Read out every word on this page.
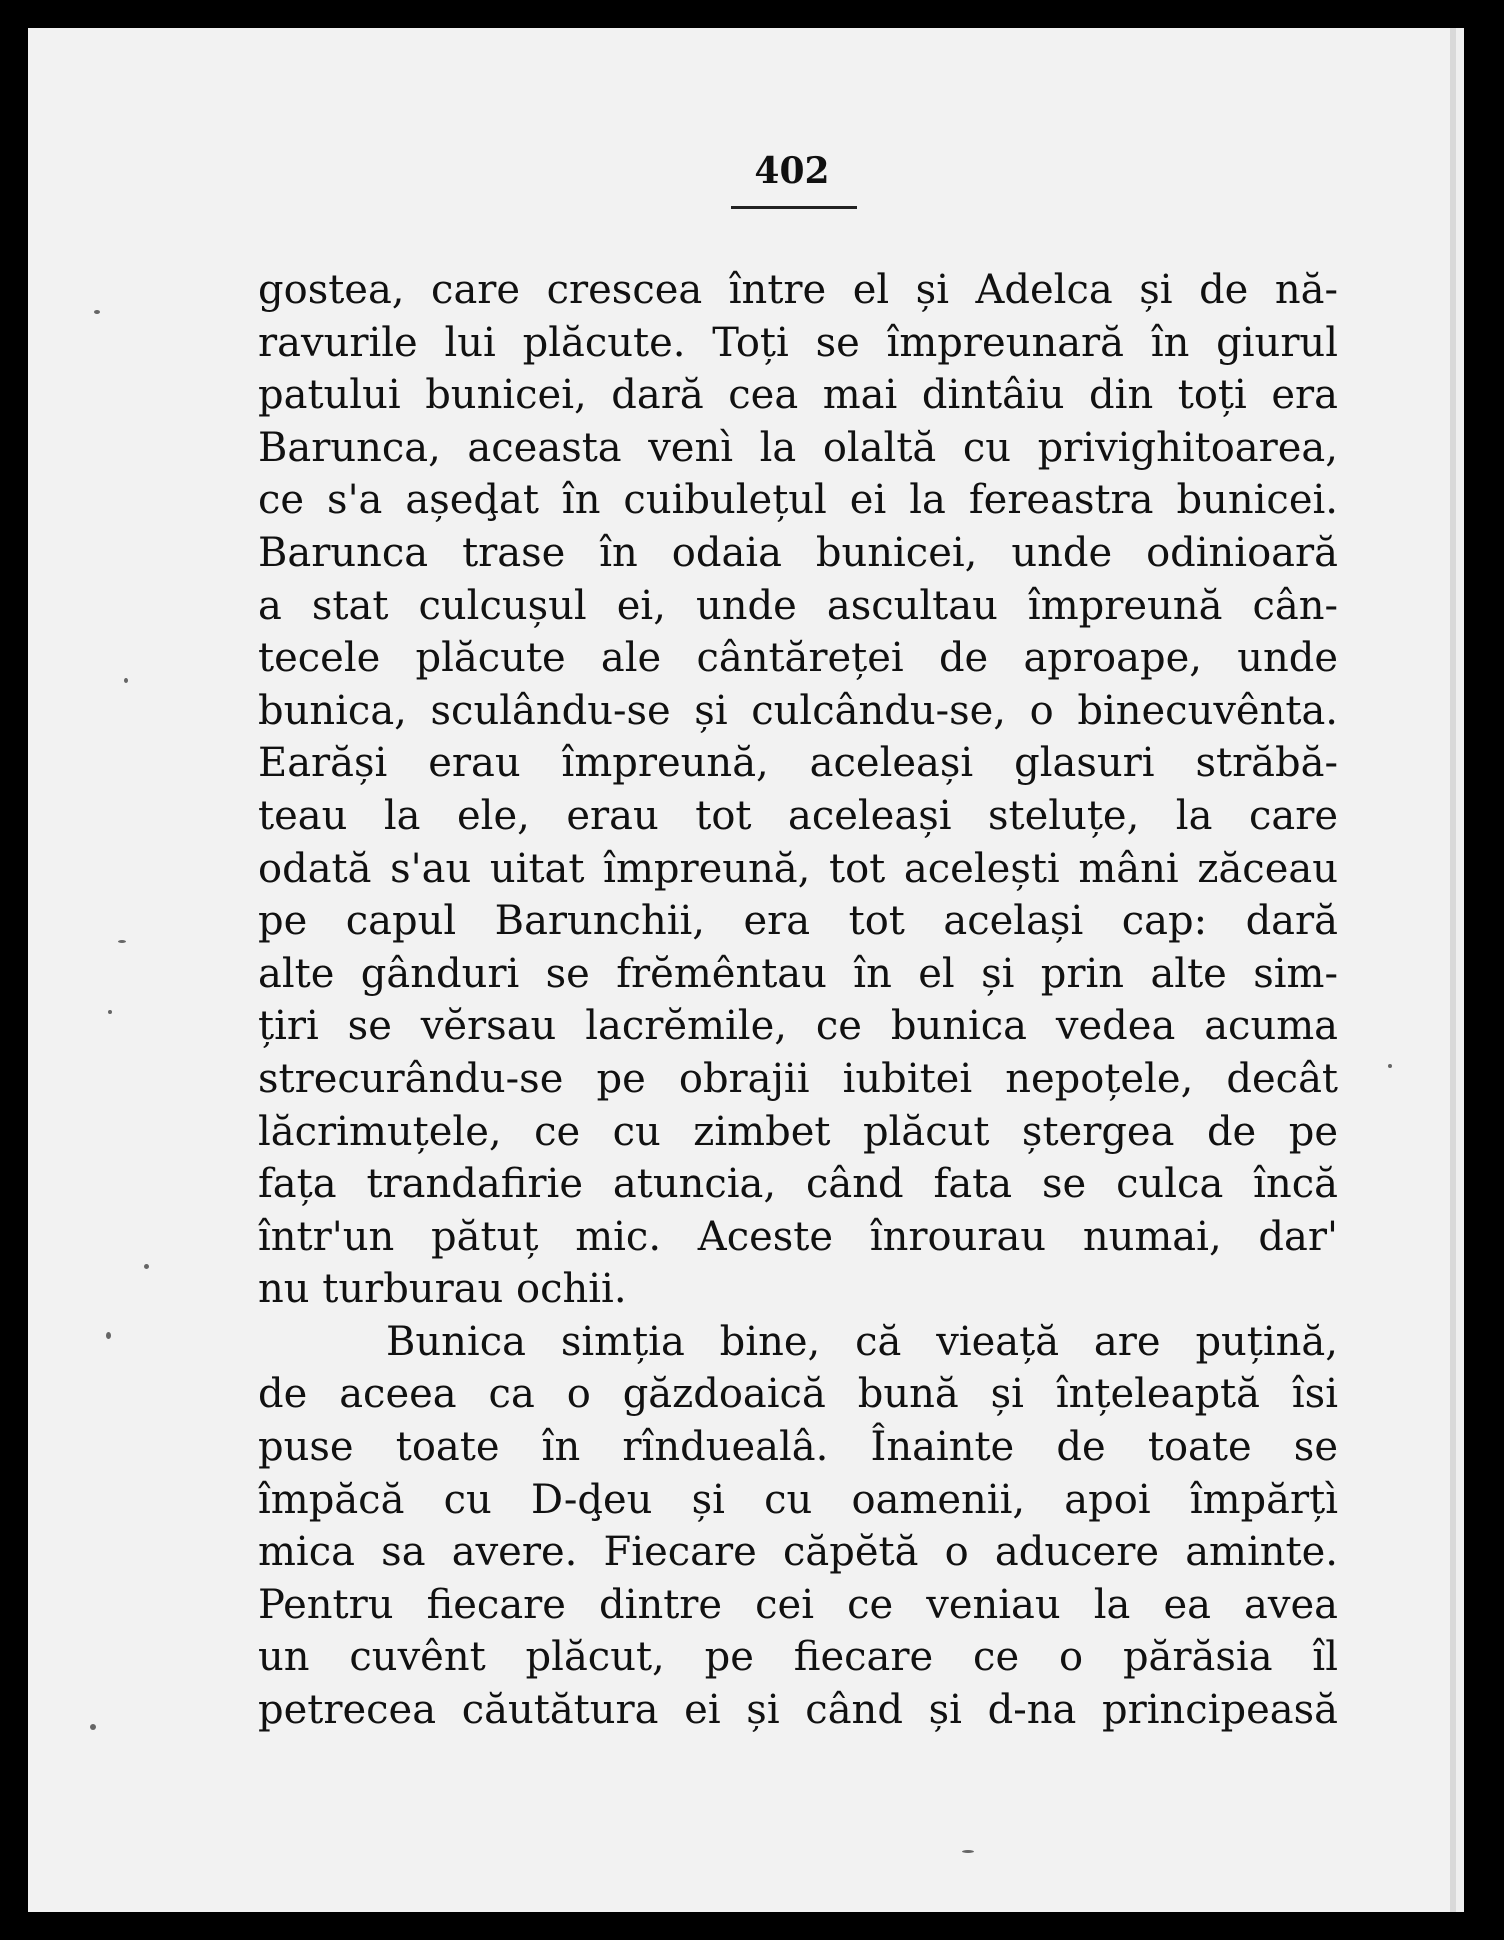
402
gostea, care crescea între el și Adelca și de nă-
ravurile lui plăcute. Toți se împreunară în giurul
patului bunicei, dară cea mai dintâiu din toți era
Barunca, aceasta venì la olaltă cu privighitoarea,
ce s'a așeḑat în cuibulețul ei la fereastra bunicei.
Barunca trase în odaia bunicei, unde odinioară
a stat culcușul ei, unde ascultau împreună cân-
tecele plăcute ale cântăreței de aproape, unde
bunica, sculându-se și culcându-se, o binecuvênta.
Earăși erau împreună, aceleași glasuri străbă-
teau la ele, erau tot aceleași steluțe, la care
odată s'au uitat împreună, tot acelești mâni zăceau
pe capul Barunchii, era tot același cap: dară
alte gânduri se frĕmêntau în el și prin alte sim-
țiri se vĕrsau lacrĕmile, ce bunica vedea acuma
strecurându-se pe obrajii iubitei nepoțele, decât
lăcrimuțele, ce cu zimbet plăcut ștergea de pe
fața trandafirie atuncia, când fata se culca încă
într'un pătuț mic. Aceste înrourau numai, dar'
nu turburau ochii.
Bunica simția bine, că vieață are puțină,
de aceea ca o găzdoaică bună și înțeleaptă îsi
puse toate în rînduealâ. Înainte de toate se
împăcă cu D-ḑeu și cu oamenii, apoi împărțì
mica sa avere. Fiecare căpĕtă o aducere aminte.
Pentru fiecare dintre cei ce veniau la ea avea
un cuvênt plăcut, pe fiecare ce o părăsia îl
petrecea căutătura ei și când și d-na principeasă
